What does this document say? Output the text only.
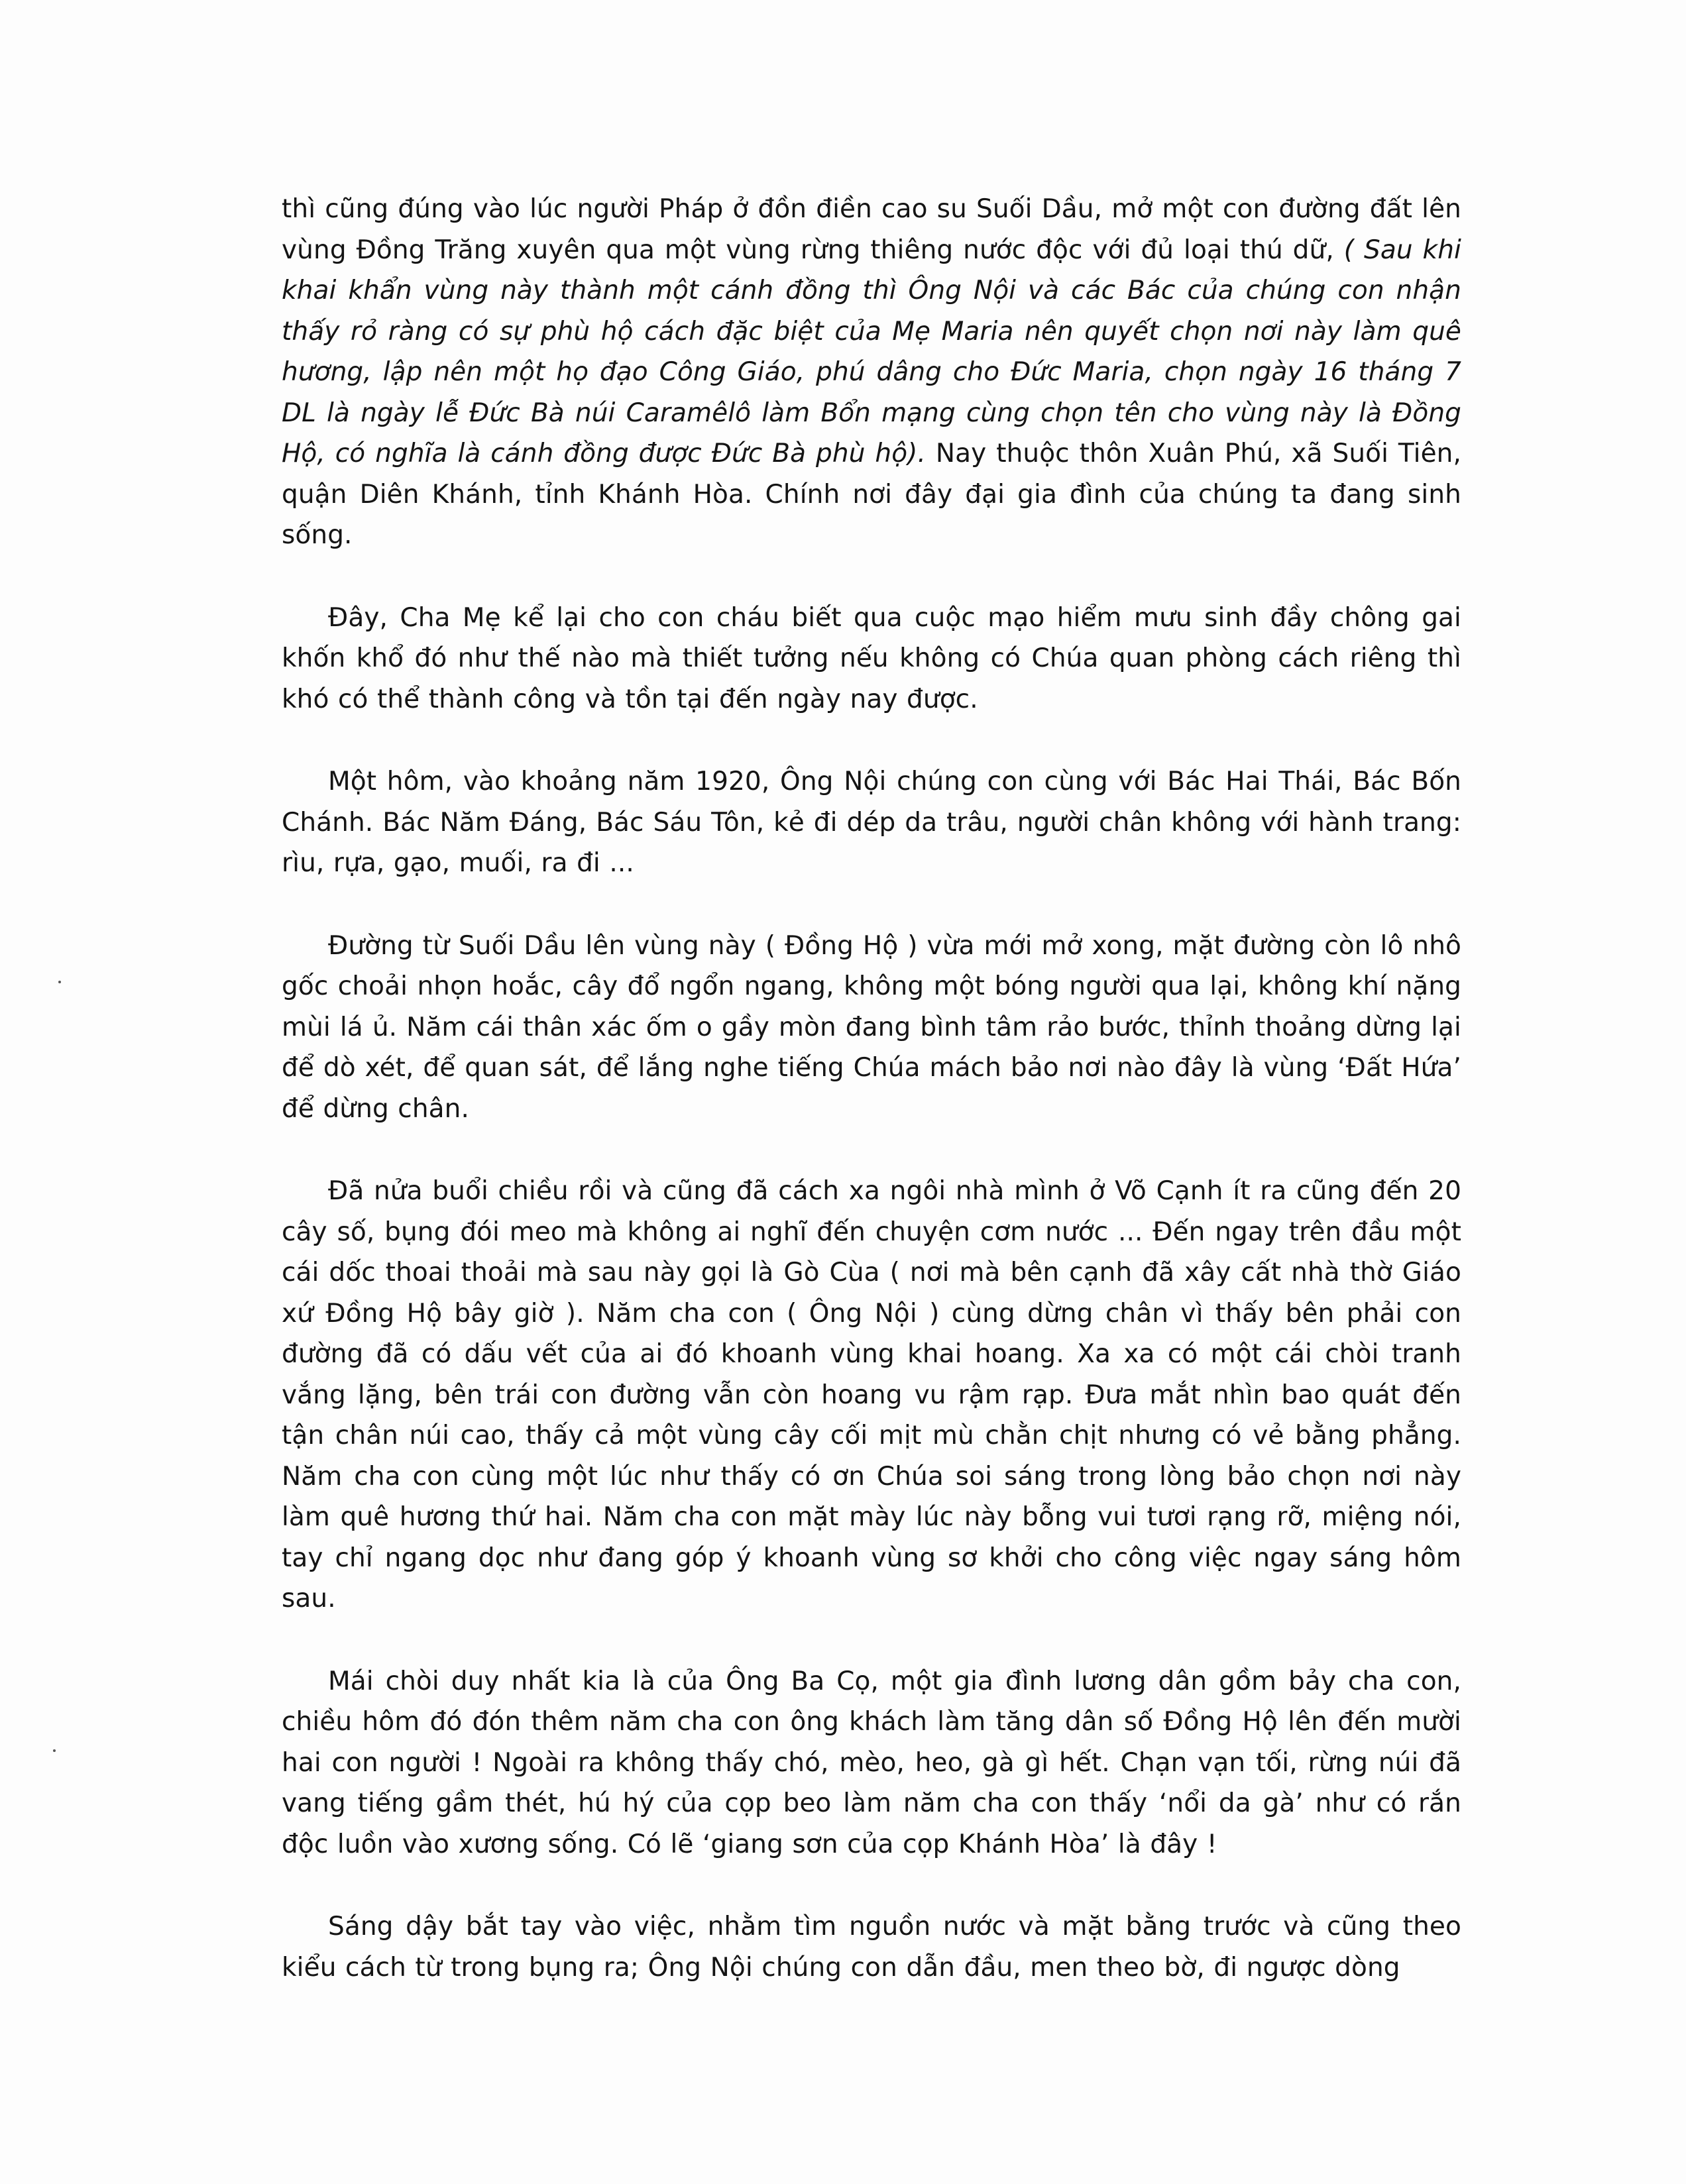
thì cũng đúng vào lúc người Pháp ở đồn điền cao su Suối Dầu, mở một con đường đất lên vùng Đồng Trăng xuyên qua một vùng rừng thiêng nước độc với đủ loại thú dữ, ( Sau khi khai khẩn vùng này thành một cánh đồng thì Ông Nội và các Bác của chúng con nhận thấy rỏ ràng có sự phù hộ cách đặc biệt của Mẹ Maria nên quyết chọn nơi này làm quê hương, lập nên một họ đạo Công Giáo, phú dâng cho Đức Maria, chọn ngày 16 tháng 7 DL là ngày lễ Đức Bà núi Caramêlô làm Bổn mạng cùng chọn tên cho vùng này là Đồng Hộ, có nghĩa là cánh đồng được Đức Bà phù hộ). Nay thuộc thôn Xuân Phú, xã Suối Tiên, quận Diên Khánh, tỉnh Khánh Hòa. Chính nơi đây đại gia đình của chúng ta đang sinh sống.

Đây, Cha Mẹ kể lại cho con cháu biết qua cuộc mạo hiểm mưu sinh đầy chông gai khốn khổ đó như thế nào mà thiết tưởng nếu không có Chúa quan phòng cách riêng thì khó có thể thành công và tồn tại đến ngày nay được.

Một hôm, vào khoảng năm 1920, Ông Nội chúng con cùng với Bác Hai Thái, Bác Bốn Chánh. Bác Năm Đáng, Bác Sáu Tôn, kẻ đi dép da trâu, người chân không với hành trang: rìu, rựa, gạo, muối, ra đi ...

Đường từ Suối Dầu lên vùng này ( Đồng Hộ ) vừa mới mở xong, mặt đường còn lô nhô gốc choải nhọn hoắc, cây đổ ngổn ngang, không một bóng người qua lại, không khí nặng mùi lá ủ. Năm cái thân xác ốm o gầy mòn đang bình tâm rảo bước, thỉnh thoảng dừng lại để dò xét, để quan sát, để lắng nghe tiếng Chúa mách bảo nơi nào đây là vùng ‘Đất Hứa’ để dừng chân.

Đã nửa buổi chiều rồi và cũng đã cách xa ngôi nhà mình ở Võ Cạnh ít ra cũng đến 20 cây số, bụng đói meo mà không ai nghĩ đến chuyện cơm nước ... Đến ngay trên đầu một cái dốc thoai thoải mà sau này gọi là Gò Cùa ( nơi mà bên cạnh đã xây cất nhà thờ Giáo xứ Đồng Hộ bây giờ ). Năm cha con ( Ông Nội ) cùng dừng chân vì thấy bên phải con đường đã có dấu vết của ai đó khoanh vùng khai hoang. Xa xa có một cái chòi tranh vắng lặng, bên trái con đường vẫn còn hoang vu rậm rạp. Đưa mắt nhìn bao quát đến tận chân núi cao, thấy cả một vùng cây cối mịt mù chằn chịt nhưng có vẻ bằng phẳng. Năm cha con cùng một lúc như thấy có ơn Chúa soi sáng trong lòng bảo chọn nơi này làm quê hương thứ hai. Năm cha con mặt mày lúc này bỗng vui tươi rạng rỡ, miệng nói, tay chỉ ngang dọc như đang góp ý khoanh vùng sơ khởi cho công việc ngay sáng hôm sau.

Mái chòi duy nhất kia là của Ông Ba Cọ, một gia đình lương dân gồm bảy cha con, chiều hôm đó đón thêm năm cha con ông khách làm tăng dân số Đồng Hộ lên đến mười hai con người ! Ngoài ra không thấy chó, mèo, heo, gà gì hết. Chạn vạn tối, rừng núi đã vang tiếng gầm thét, hú hý của cọp beo làm năm cha con thấy ‘nổi da gà’ như có rắn độc luồn vào xương sống. Có lẽ ‘giang sơn của cọp Khánh Hòa’ là đây !

Sáng dậy bắt tay vào việc, nhằm tìm nguồn nước và mặt bằng trước và cũng theo kiểu cách từ trong bụng ra; Ông Nội chúng con dẫn đầu, men theo bờ, đi ngược dòng
